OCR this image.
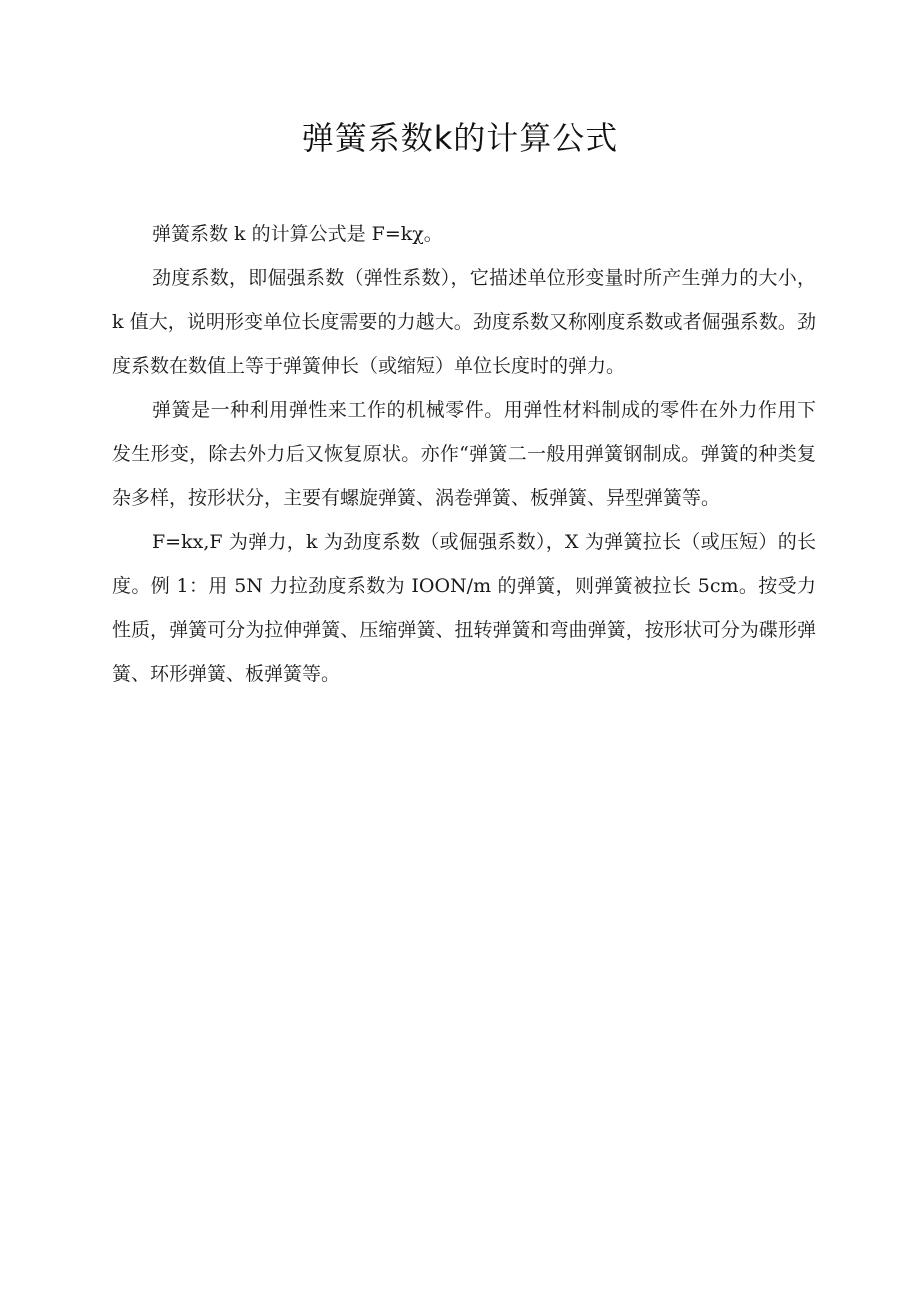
弹簧系数k的计算公式

弹簧系数 k 的计算公式是 F=kχ。

劲度系数，即倔强系数（弹性系数），它描述单位形变量时所产生弹力的大小，k 值大，说明形变单位长度需要的力越大。劲度系数又称刚度系数或者倔强系数。劲度系数在数值上等于弹簧伸长（或缩短）单位长度时的弹力。

弹簧是一种利用弹性来工作的机械零件。用弹性材料制成的零件在外力作用下发生形变，除去外力后又恢复原状。亦作“弹簧二一般用弹簧钢制成。弹簧的种类复杂多样，按形状分，主要有螺旋弹簧、涡卷弹簧、板弹簧、异型弹簧等。

F=kx,F 为弹力，k 为劲度系数（或倔强系数），X 为弹簧拉长（或压短）的长度。例 1：用 5N 力拉劲度系数为 IOON/m 的弹簧，则弹簧被拉长 5cm。按受力性质，弹簧可分为拉伸弹簧、压缩弹簧、扭转弹簧和弯曲弹簧，按形状可分为碟形弹簧、环形弹簧、板弹簧等。
